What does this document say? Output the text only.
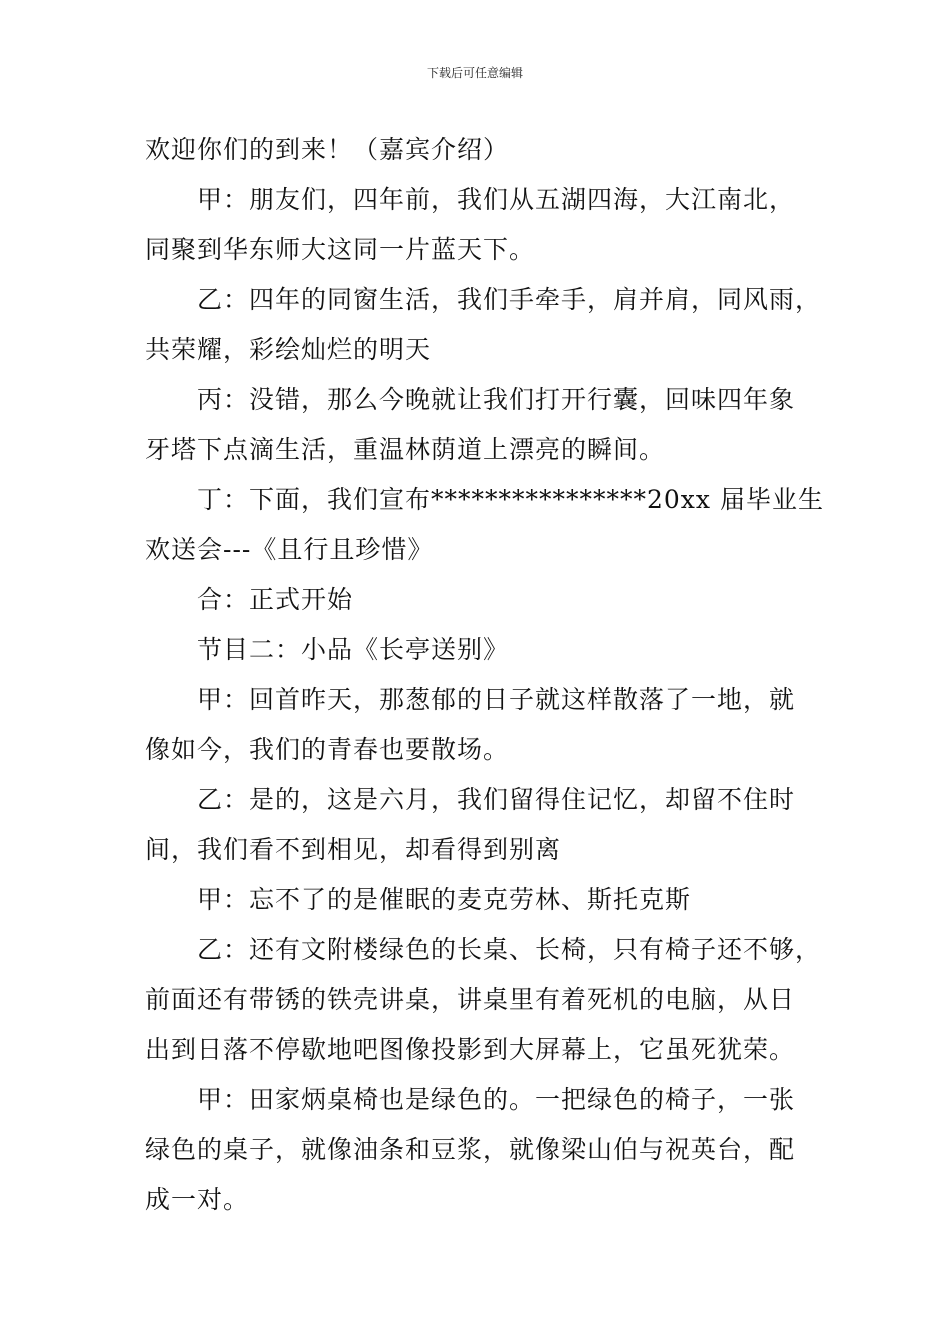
下载后可任意编辑

欢迎你们的到来！（嘉宾介绍）

甲：朋友们，四年前，我们从五湖四海，大江南北，
同聚到华东师大这同一片蓝天下。

乙：四年的同窗生活，我们手牵手，肩并肩，同风雨，
共荣耀，彩绘灿烂的明天

丙：没错，那么今晚就让我们打开行囊，回味四年象
牙塔下点滴生活，重温林荫道上漂亮的瞬间。

丁：下面，我们宣布****************20xx 届毕业生
欢送会---《且行且珍惜》

合：正式开始

节目二：小品《长亭送别》

甲：回首昨天，那葱郁的日子就这样散落了一地，就
像如今，我们的青春也要散场。

乙：是的，这是六月，我们留得住记忆，却留不住时
间，我们看不到相见，却看得到别离

甲：忘不了的是催眠的麦克劳林、斯托克斯

乙：还有文附楼绿色的长桌、长椅，只有椅子还不够，
前面还有带锈的铁壳讲桌，讲桌里有着死机的电脑，从日
出到日落不停歇地吧图像投影到大屏幕上，它虽死犹荣。

甲：田家炳桌椅也是绿色的。一把绿色的椅子，一张
绿色的桌子，就像油条和豆浆，就像梁山伯与祝英台，配
成一对。
